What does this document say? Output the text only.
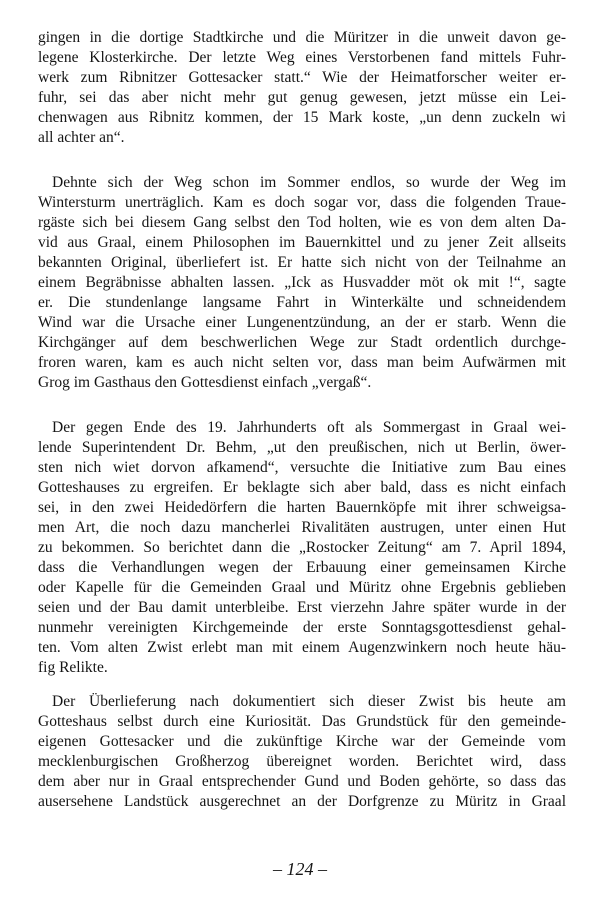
gingen in die dortige Stadtkirche und die Müritzer in die unweit davon ge-
legene Klosterkirche. Der letzte Weg eines Verstorbenen fand mittels Fuhr-
werk zum Ribnitzer Gottesacker statt.“ Wie der Heimatforscher weiter er-
fuhr, sei das aber nicht mehr gut genug gewesen, jetzt müsse ein Lei-
chenwagen aus Ribnitz kommen, der 15 Mark koste, „un denn zuckeln wi
all achter an“.
Dehnte sich der Weg schon im Sommer endlos, so wurde der Weg im
Wintersturm unerträglich. Kam es doch sogar vor, dass die folgenden Traue-
rgäste sich bei diesem Gang selbst den Tod holten, wie es von dem alten Da-
vid aus Graal, einem Philosophen im Bauernkittel und zu jener Zeit allseits
bekannten Original, überliefert ist. Er hatte sich nicht von der Teilnahme an
einem Begräbnisse abhalten lassen. „Ick as Husvadder möt ok mit !“, sagte
er. Die stundenlange langsame Fahrt in Winterkälte und schneidendem
Wind war die Ursache einer Lungenentzündung, an der er starb. Wenn die
Kirchgänger auf dem beschwerlichen Wege zur Stadt ordentlich durchge-
froren waren, kam es auch nicht selten vor, dass man beim Aufwärmen mit
Grog im Gasthaus den Gottesdienst einfach „vergaß“.
Der gegen Ende des 19. Jahrhunderts oft als Sommergast in Graal wei-
lende Superintendent Dr. Behm, „ut den preußischen, nich ut Berlin, öwer-
sten nich wiet dorvon afkamend“, versuchte die Initiative zum Bau eines
Gotteshauses zu ergreifen. Er beklagte sich aber bald, dass es nicht einfach
sei, in den zwei Heidedörfern die harten Bauernköpfe mit ihrer schweigsa-
men Art, die noch dazu mancherlei Rivalitäten austrugen, unter einen Hut
zu bekommen. So berichtet dann die „Rostocker Zeitung“ am 7. April 1894,
dass die Verhandlungen wegen der Erbauung einer gemeinsamen Kirche
oder Kapelle für die Gemeinden Graal und Müritz ohne Ergebnis geblieben
seien und der Bau damit unterbleibe. Erst vierzehn Jahre später wurde in der
nunmehr vereinigten Kirchgemeinde der erste Sonntagsgottesdienst gehal-
ten. Vom alten Zwist erlebt man mit einem Augenzwinkern noch heute häu-
fig Relikte.
Der Überlieferung nach dokumentiert sich dieser Zwist bis heute am
Gotteshaus selbst durch eine Kuriosität. Das Grundstück für den gemeinde-
eigenen Gottesacker und die zukünftige Kirche war der Gemeinde vom
mecklenburgischen Großherzog übereignet worden. Berichtet wird, dass
dem aber nur in Graal entsprechender Gund und Boden gehörte, so dass das
ausersehene Landstück ausgerechnet an der Dorfgrenze zu Müritz in Graal
– 124 –
